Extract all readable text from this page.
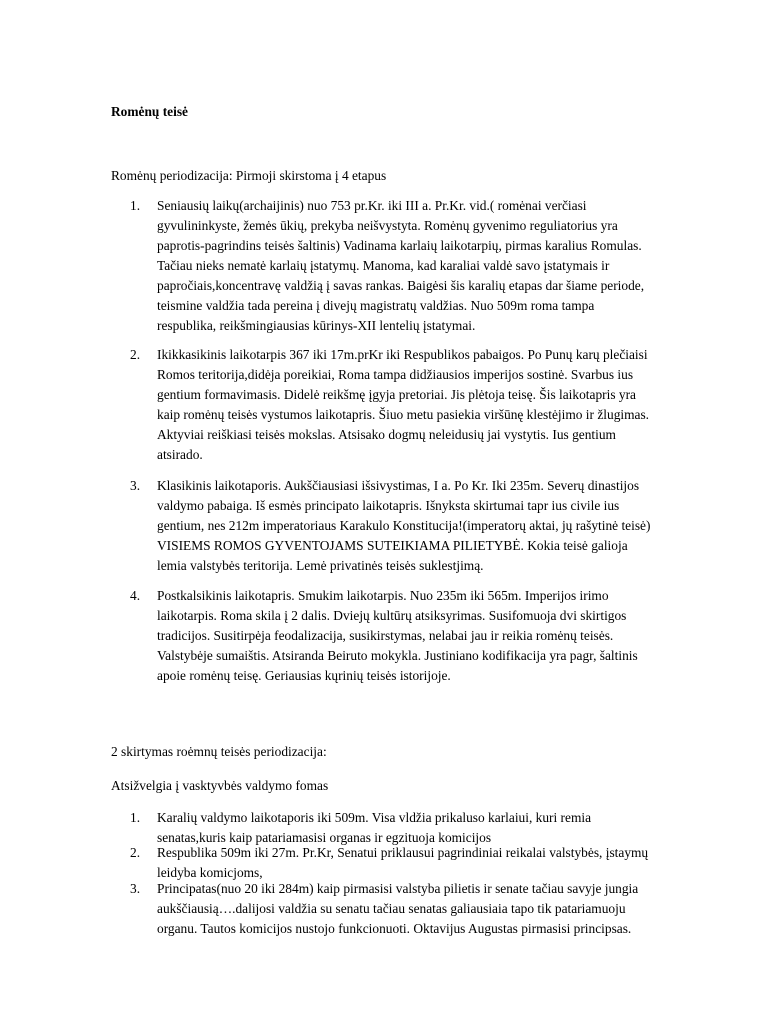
Romėnų teisė

Romėnų periodizacija: Pirmoji skirstoma į 4 etapus

1. Seniausių laikų(archaijinis) nuo 753 pr.Kr. iki III a. Pr.Kr. vid.( romėnai verčiasi
gyvulininkyste, žemės ūkių, prekyba neišvystyta. Romėnų gyvenimo reguliatorius yra
paprotis-pagrindins teisės šaltinis) Vadinama karlaių laikotarpių, pirmas karalius Romulas.
Tačiau nieks nematė karlaių įstatymų. Manoma, kad karaliai valdė savo įstatymais ir
papročiais,koncentravę valdžią į savas rankas. Baigėsi šis karalių etapas dar šiame periode,
teismine valdžia tada pereina į divejų magistratų valdžias. Nuo 509m roma tampa
respublika, reikšmingiausias kūrinys-XII lentelių įstatymai.
2. Ikikkasikinis laikotarpis 367 iki 17m.prKr iki Respublikos pabaigos. Po Punų karų plečiaisi
Romos teritorija,didėja poreikiai, Roma tampa didžiausios imperijos sostinė. Svarbus ius
gentium formavimasis. Didelė reikšmę įgyja pretoriai. Jis plėtoja teisę. Šis laikotapris yra
kaip romėnų teisės vystumos laikotapris. Šiuo metu pasiekia viršūnę klestėjimo ir žlugimas.
Aktyviai reiškiasi teisės mokslas. Atsisako dogmų neleidusių jai vystytis. Ius gentium
atsirado.
3. Klasikinis laikotaporis. Aukščiausiasi išsivystimas, I a. Po Kr. Iki 235m. Severų dinastijos
valdymo pabaiga. Iš esmės principato laikotapris. Išnyksta skirtumai tapr ius civile ius
gentium, nes 212m imperatoriaus Karakulo Konstitucija!(imperatorų aktai, jų rašytinė teisė)
VISIEMS ROMOS GYVENTOJAMS SUTEIKIAMA PILIETYBĖ. Kokia teisė galioja
lemia valstybės teritorija. Lemė privatinės teisės suklestjimą.
4. Postkalsikinis laikotapris. Smukim laikotarpis. Nuo 235m iki 565m. Imperijos irimo
laikotarpis. Roma skila į 2 dalis. Dviejų kultūrų atsiksyrimas. Susifomuoja dvi skirtigos
tradicijos. Susitirpėja feodalizacija, susikirstymas, nelabai jau ir reikia romėnų teisės.
Valstybėje sumaištis. Atsiranda Beiruto mokykla. Justiniano kodifikacija yra pagr, šaltinis
apoie romėnų teisę. Geriausias kųrinių teisės istorijoje.

2 skirtymas roėmnų teisės periodizacija:

Atsižvelgia į vasktyvbės valdymo fomas

1. Karalių valdymo laikotaporis iki 509m. Visa vldžia prikaluso karlaiui, kuri remia
senatas,kuris kaip patariamasisi organas ir egzituoja komicijos
2. Respublika 509m iki 27m. Pr.Kr, Senatui priklausui pagrindiniai reikalai valstybės, įstaymų
leidyba komicjoms,
3. Principatas(nuo 20 iki 284m) kaip pirmasisi valstyba pilietis ir senate tačiau savyje jungia
aukščiausią….dalijosi valdžia su senatu tačiau senatas galiausiaia tapo tik patariamuoju
organu. Tautos komicijos nustojo funkcionuoti. Oktavijus Augustas pirmasisi principsas.
